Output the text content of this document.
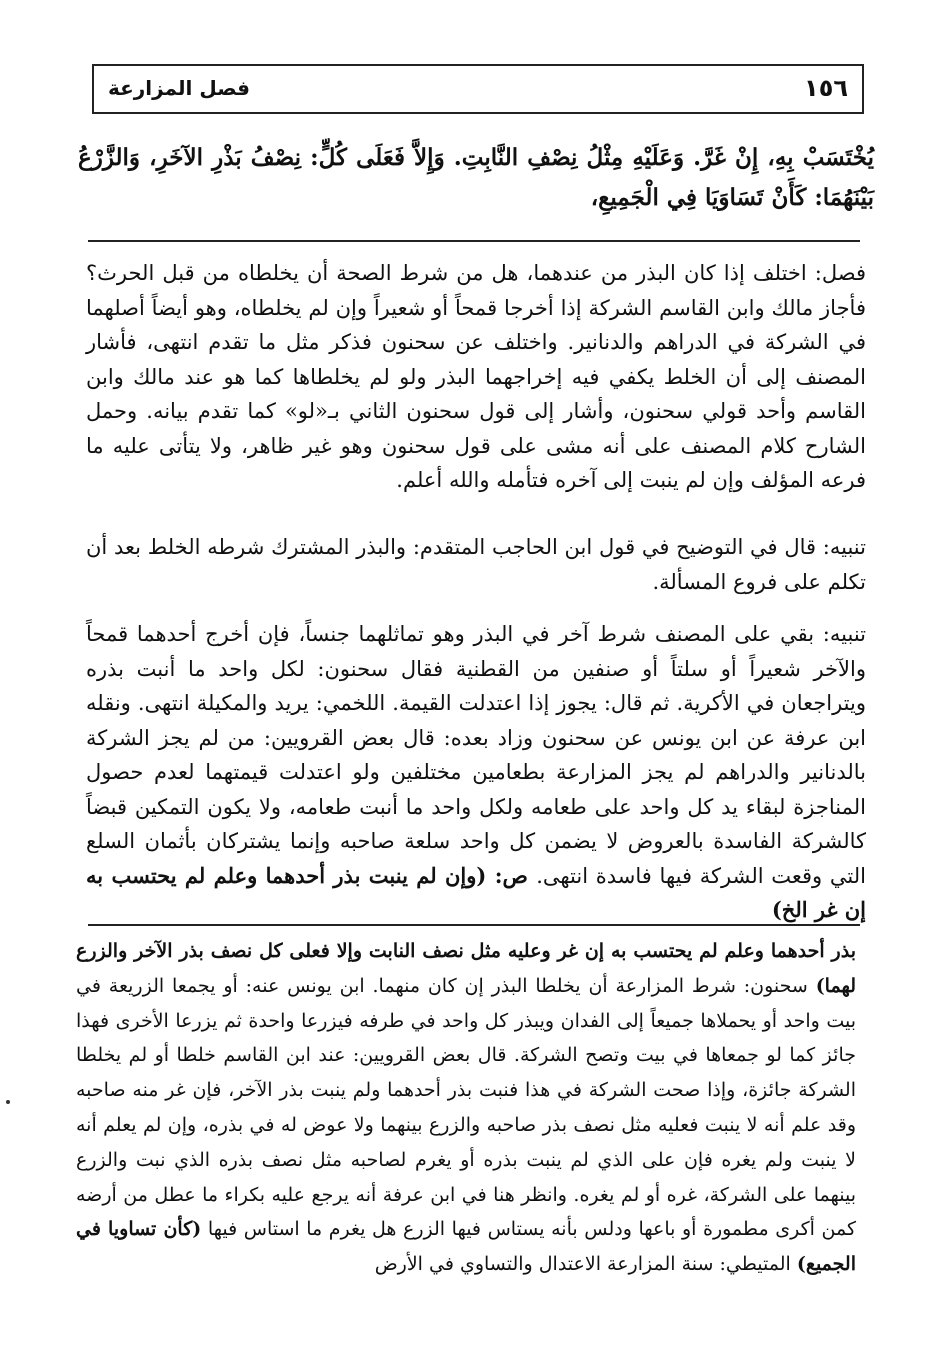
فصل المزارعة	١٥٦
يُخْتَسَبْ بِهِ، إِنْ غَرَّ. وَعَلَيْهِ مِثْلُ نِصْفِ النَّابِتِ. وَإِلاَّ فَعَلَى كُلٍّ: نِصْفُ بَذْرِ الآخَرِ، وَالزَّرْعُ بَيْنَهُمَا: كَأَنْ تَسَاوَيَا فِي الْجَمِيعِ،
فصل: اختلف إذا كان البذر من عندهما، هل من شرط الصحة أن يخلطاه من قبل الحرث؟ فأجاز مالك وابن القاسم الشركة إذا أخرجا قمحاً أو شعيراً وإن لم يخلطاه، وهو أيضاً أصلهما في الشركة في الدراهم والدنانير. واختلف عن سحنون فذكر مثل ما تقدم انتهى، فأشار المصنف إلى أن الخلط يكفي فيه إخراجهما البذر ولو لم يخلطاها كما هو عند مالك وابن القاسم وأحد قولي سحنون، وأشار إلى قول سحنون الثاني بـ«لو» كما تقدم بيانه. وحمل الشارح كلام المصنف على أنه مشى على قول سحنون وهو غير ظاهر، ولا يتأتى عليه ما فرعه المؤلف وإن لم ينبت إلى آخره فتأمله والله أعلم.
تنبيه: قال في التوضيح في قول ابن الحاجب المتقدم: والبذر المشترك شرطه الخلط بعد أن تكلم على فروع المسألة.
تنبيه: بقي على المصنف شرط آخر في البذر وهو تماثلهما جنساً، فإن أخرج أحدهما قمحاً والآخر شعيراً أو سلتاً أو صنفين من القطنية فقال سحنون: لكل واحد ما أنبت بذره ويتراجعان في الأكرية. ثم قال: يجوز إذا اعتدلت القيمة. اللخمي: يريد والمكيلة انتهى. ونقله ابن عرفة عن ابن يونس عن سحنون وزاد بعده: قال بعض القرويين: من لم يجز الشركة بالدنانير والدراهم لم يجز المزارعة بطعامين مختلفين ولو اعتدلت قيمتهما لعدم حصول المناجزة لبقاء يد كل واحد على طعامه ولكل واحد ما أنبت طعامه، ولا يكون التمكين قبضاً كالشركة الفاسدة بالعروض لا يضمن كل واحد سلعة صاحبه وإنما يشتركان بأثمان السلع التي وقعت الشركة فيها فاسدة انتهى. ص: (وإن لم ينبت بذر أحدهما وعلم لم يحتسب به إن غر الخ)
بذر أحدهما وعلم لم يحتسب به إن غر وعليه مثل نصف النابت وإلا فعلى كل نصف بذر الآخر والزرع لهما) سحنون: شرط المزارعة أن يخلطا البذر إن كان منهما. ابن يونس عنه: أو يجمعا الزريعة في بيت واحد أو يحملاها جميعاً إلى الفدان ويبذر كل واحد في طرفه فيزرعا واحدة ثم يزرعا الأخرى فهذا جائز كما لو جمعاها في بيت وتصح الشركة. قال بعض القرويين: عند ابن القاسم خلطا أو لم يخلطا الشركة جائزة، وإذا صحت الشركة في هذا فنبت بذر أحدهما ولم ينبت بذر الآخر، فإن غر منه صاحبه وقد علم أنه لا ينبت فعليه مثل نصف بذر صاحبه والزرع بينهما ولا عوض له في بذره، وإن لم يعلم أنه لا ينبت ولم يغره فإن على الذي لم ينبت بذره أو يغرم لصاحبه مثل نصف بذره الذي نبت والزرع بينهما على الشركة، غره أو لم يغره. وانظر هنا في ابن عرفة أنه يرجع عليه بكراء ما عطل من أرضه كمن أكرى مطمورة أو باعها ودلس بأنه يستاس فيها الزرع هل يغرم ما استاس فيها (كأن تساويا في الجميع) المتيطي: سنة المزارعة الاعتدال والتساوي في الأرض
